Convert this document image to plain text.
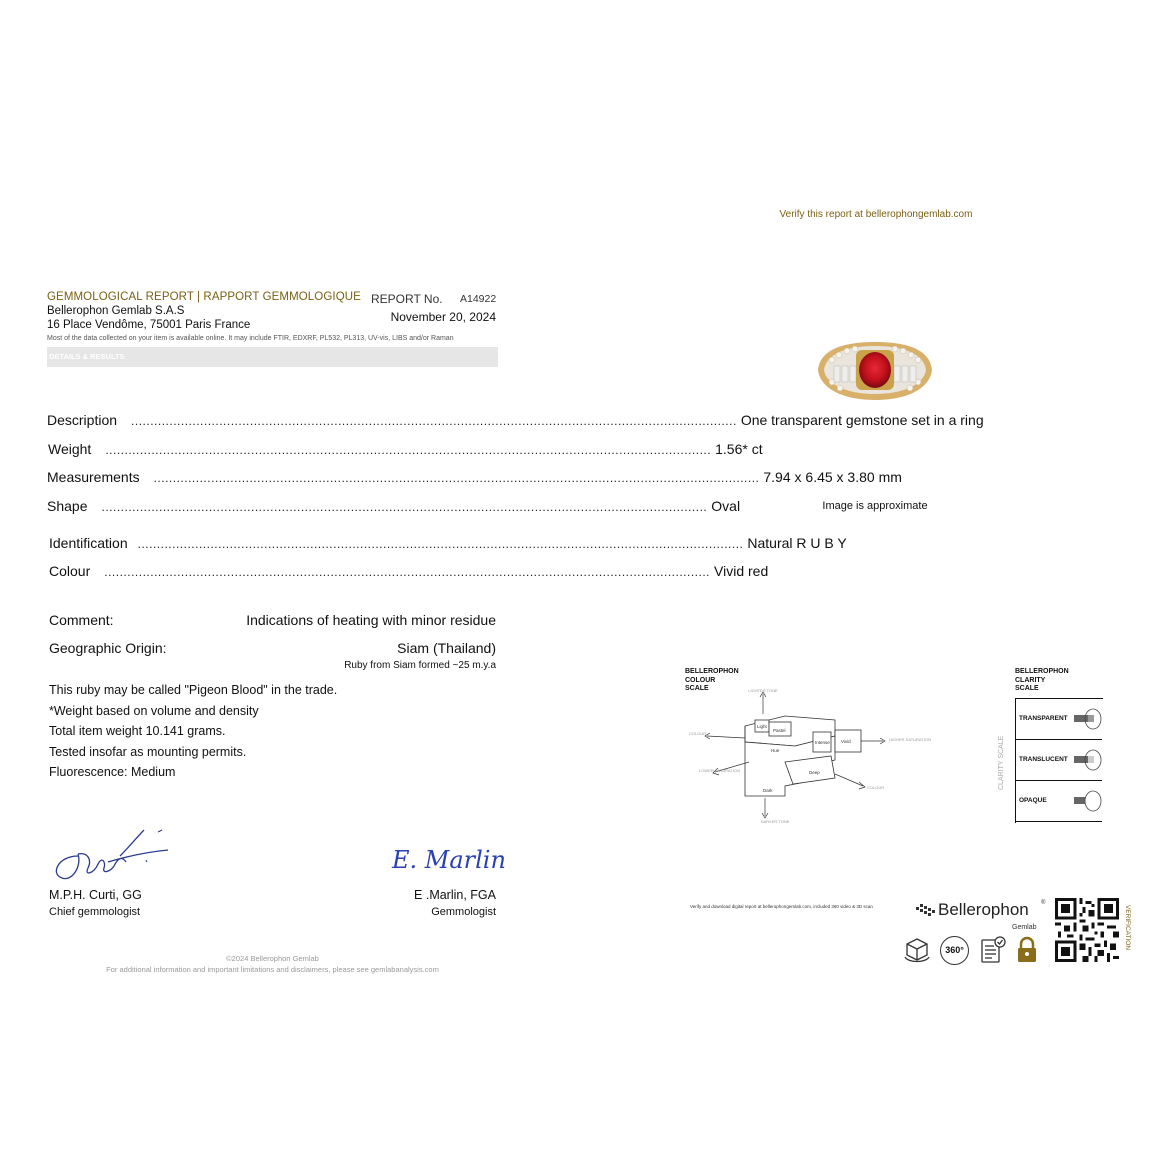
GEMMOLOGICAL REPORT | RAPPORT GEMMOLOGIQUE
Bellerophon Gemlab S.A.S
16 Place Vendôme, 75001 Paris France
REPORT No. A14922
November 20, 2024
Most of the data collected on your item is available online. It may include FTIR, EDXRF, PL532, PL313, UV-vis, LIBS and/or Raman
DETAILS & RESULTS
Description .............................................................................................................................................................. One transparent gemstone set in a ring
Weight .............................................................................................................................................................. 1.56* ct
Measurements .............................................................................................................................................................. 7.94 x 6.45 x 3.80 mm
Shape .............................................................................................................................................................. Oval
Identification .............................................................................................................................................................. Natural R U B Y
Colour .............................................................................................................................................................. Vivid red
Comment:	Indications of heating with minor residue
Geographic Origin:	Siam (Thailand)
Ruby from Siam formed ~25 m.y.a
This ruby may be called "Pigeon Blood" in the trade.
*Weight based on volume and density
Total item weight 10.141 grams.
Tested insofar as mounting permits.
Fluorescence: Medium
E. Marlin
M.P.H. Curti, GG
Chief gemmologist
E .Marlin, FGA
Gemmologist
©2024 Bellerophon Gemlab
For additional information and important limitations and disclaimers, please see gemlabanalysis.com
Verify this report at bellerophongemlab.com
Image is approximate
BELLEROPHON
COLOUR
SCALE
Light
Pastel
Hue
Intense Vivid
Deep
Dark
LIGHTER TONE
DARKER TONE
COLOUR
COLOUR
LOWER SATURATION
HIGHER SATURATION
BELLEROPHON
CLARITY
SCALE
CLARITY SCALE
TRANSPARENT
TRANSLUCENT
OPAQUE
Verify and download digital report at bellerophongemlab.com, included 360 video & 3D scan	Bellerophon ®
Gemlab
360°	VERIFICATION
